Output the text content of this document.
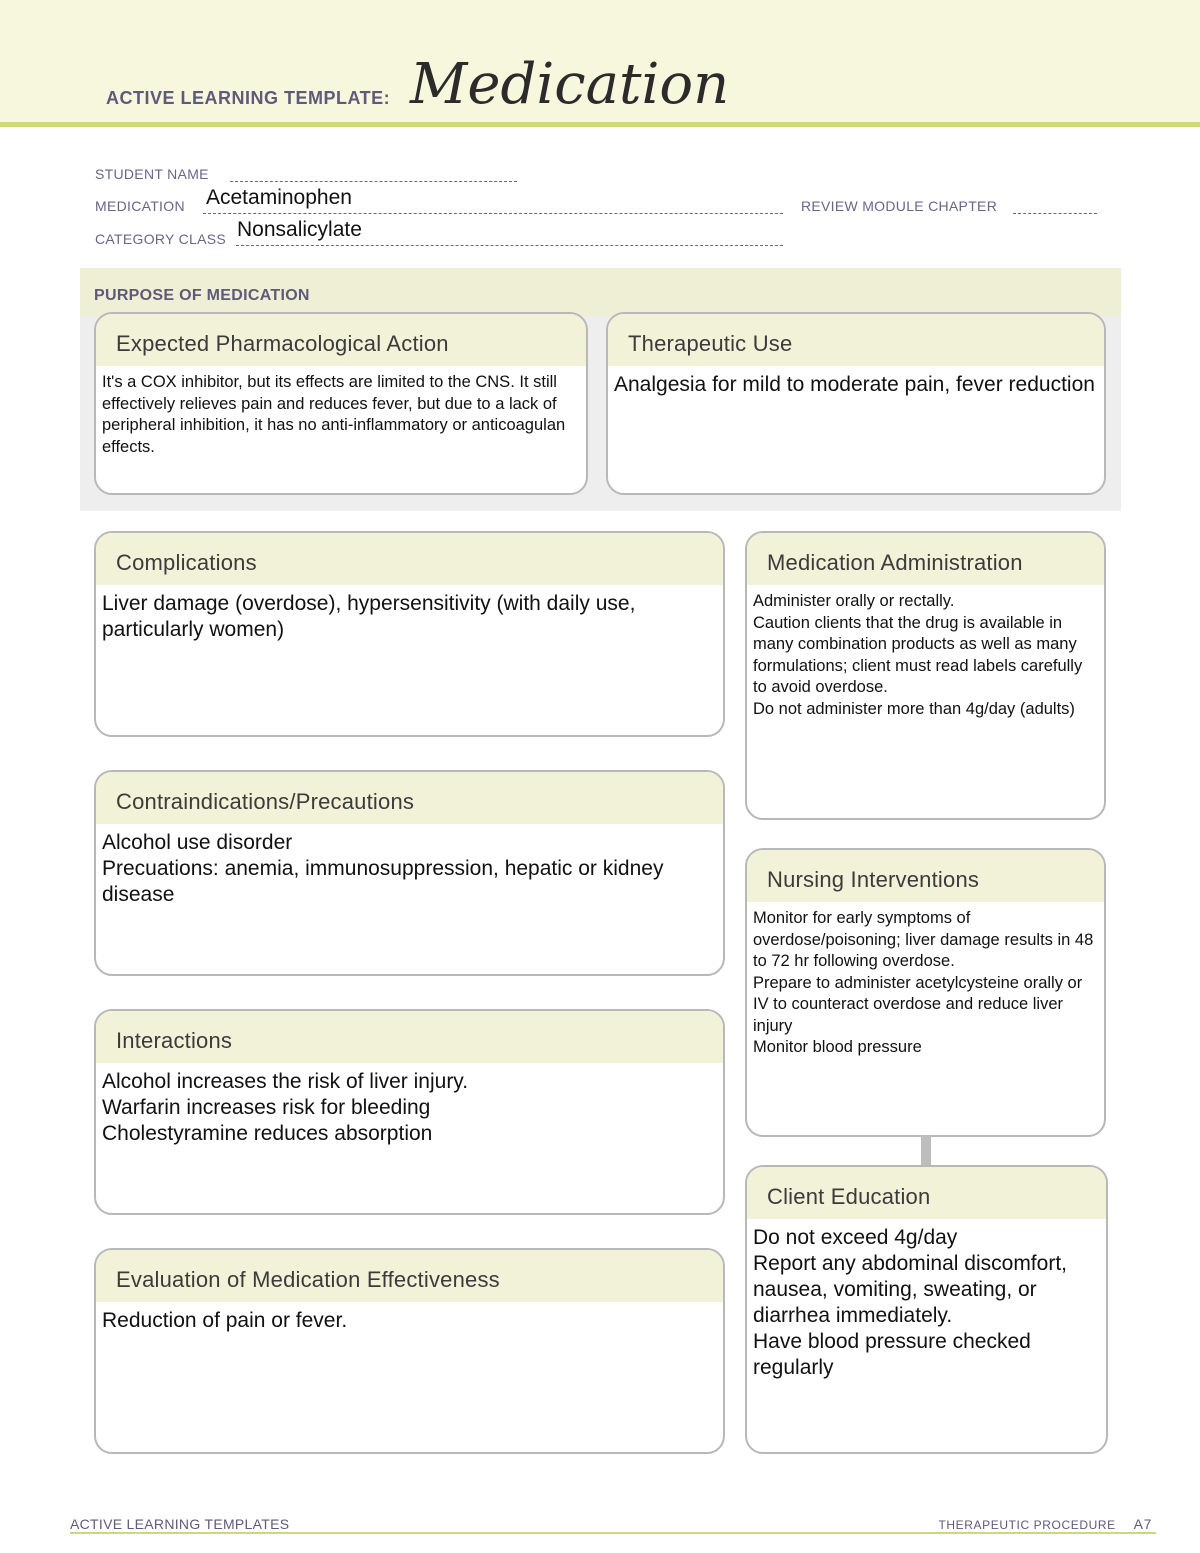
ACTIVE LEARNING TEMPLATE: Medication
STUDENT NAME
MEDICATION Acetaminophen	REVIEW MODULE CHAPTER
CATEGORY CLASS Nonsalicylate
PURPOSE OF MEDICATION
Expected Pharmacological Action
It's a COX inhibitor, but its effects are limited to the CNS. It still effectively relieves pain and reduces fever, but due to a lack of peripheral inhibition, it has no anti-inflammatory or anticoagulan effects.
Therapeutic Use
Analgesia for mild to moderate pain, fever reduction
Complications
Liver damage (overdose), hypersensitivity (with daily use, particularly women)
Contraindications/Precautions
Alcohol use disorder
Precuations: anemia, immunosuppression, hepatic or kidney disease
Interactions
Alcohol increases the risk of liver injury.
Warfarin increases risk for bleeding
Cholestyramine reduces absorption
Evaluation of Medication Effectiveness
Reduction of pain or fever.
Medication Administration
Administer orally or rectally.
Caution clients that the drug is available in many combination products as well as many formulations; client must read labels carefully to avoid overdose.
Do not administer more than 4g/day (adults)
Nursing Interventions
Monitor for early symptoms of overdose/poisoning; liver damage results in 48 to 72 hr following overdose.
Prepare to administer acetylcysteine orally or IV to counteract overdose and reduce liver injury
Monitor blood pressure
Client Education
Do not exceed 4g/day
Report any abdominal discomfort, nausea, vomiting, sweating, or diarrhea immediately.
Have blood pressure checked regularly
ACTIVE LEARNING TEMPLATES	THERAPEUTIC PROCEDURE A7
